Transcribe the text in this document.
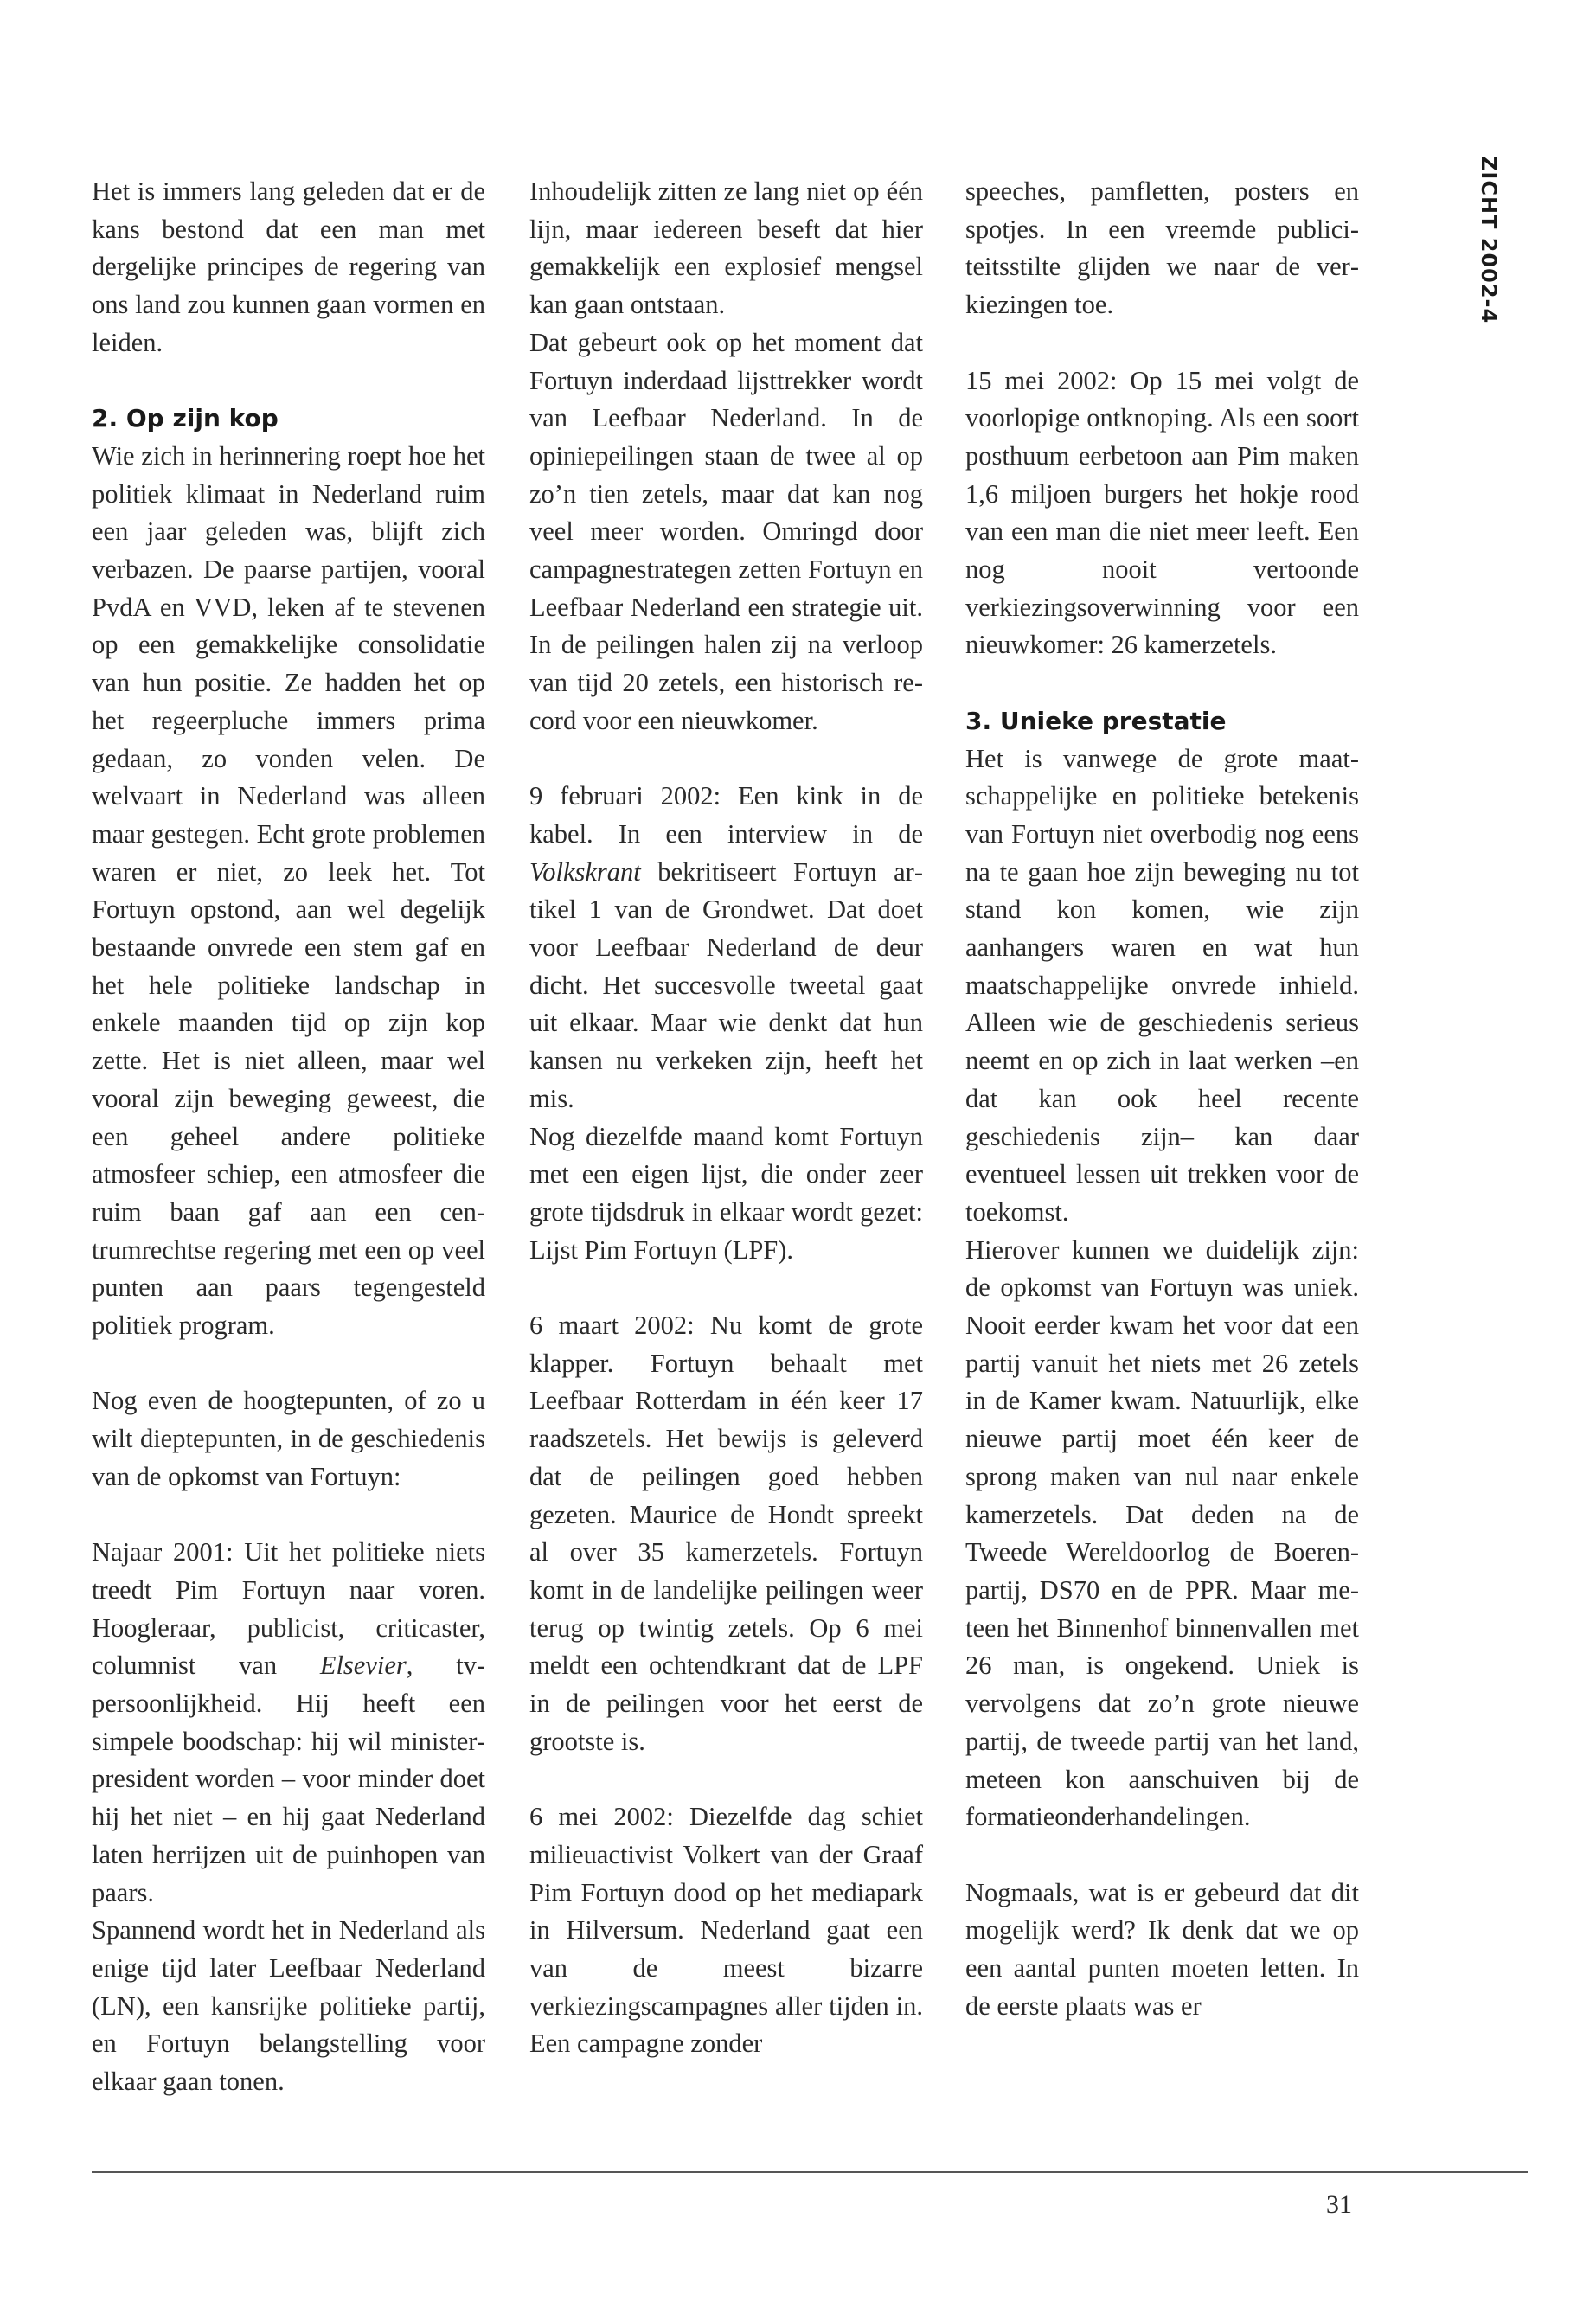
ZICHT 2002-4

Het is immers lang geleden dat er de kans bestond dat een man met dergelijke principes de regering van ons land zou kunnen gaan vormen en leiden.

2. Op zijn kop

Wie zich in herinnering roept hoe het politiek klimaat in Nederland ruim een jaar geleden was, blijft zich verbazen. De paarse partijen, vooral PvdA en VVD, leken af te stevenen op een gemakkelijke consolidatie van hun positie. Ze hadden het op het regeerpluche immers prima gedaan, zo vonden velen. De welvaart in Nederland was alleen maar gestegen. Echt grote problemen waren er niet, zo leek het. Tot Fortuyn opstond, aan wel degelijk bestaande onvrede een stem gaf en het hele politieke landschap in enkele maanden tijd op zijn kop zette. Het is niet alleen, maar wel vooral zijn beweging geweest, die een geheel andere politieke atmosfeer schiep, een atmosfeer die ruim baan gaf aan een centrumrechtse regering met een op veel punten aan paars tegengesteld politiek program.

Nog even de hoogtepunten, of zo u wilt dieptepunten, in de geschiedenis van de opkomst van Fortuyn:

Najaar 2001: Uit het politieke niets treedt Pim Fortuyn naar voren. Hoogleraar, publicist, criticaster, columnist van Elsevier, tv-persoonlijkheid. Hij heeft een simpele boodschap: hij wil minister-president worden – voor minder doet hij het niet – en hij gaat Nederland laten herrijzen uit de puinhopen van paars.

Spannend wordt het in Nederland als enige tijd later Leefbaar Nederland (LN), een kansrijke politieke partij, en Fortuyn belangstelling voor elkaar gaan tonen.

Inhoudelijk zitten ze lang niet op één lijn, maar iedereen beseft dat hier gemakkelijk een explosief mengsel kan gaan ontstaan.

Dat gebeurt ook op het moment dat Fortuyn inderdaad lijsttrekker wordt van Leefbaar Nederland. In de opiniepeilingen staan de twee al op zo’n tien zetels, maar dat kan nog veel meer worden. Omringd door campagnestrategen zetten Fortuyn en Leefbaar Nederland een strategie uit. In de peilingen halen zij na verloop van tijd 20 zetels, een historisch record voor een nieuwkomer.

9 februari 2002: Een kink in de kabel. In een interview in de Volkskrant bekritiseert Fortuyn artikel 1 van de Grondwet. Dat doet voor Leefbaar Nederland de deur dicht. Het succesvolle tweetal gaat uit elkaar. Maar wie denkt dat hun kansen nu verkeken zijn, heeft het mis.

Nog diezelfde maand komt Fortuyn met een eigen lijst, die onder zeer grote tijdsdruk in elkaar wordt gezet: Lijst Pim Fortuyn (LPF).

6 maart 2002: Nu komt de grote klapper. Fortuyn behaalt met Leefbaar Rotterdam in één keer 17 raadszetels. Het bewijs is geleverd dat de peilingen goed hebben gezeten. Maurice de Hondt spreekt al over 35 kamerzetels. Fortuyn komt in de landelijke peilingen weer terug op twintig zetels. Op 6 mei meldt een ochtendkrant dat de LPF in de peilingen voor het eerst de grootste is.

6 mei 2002: Diezelfde dag schiet milieuactivist Volkert van der Graaf Pim Fortuyn dood op het mediapark in Hilversum. Nederland gaat een van de meest bizarre verkiezingscampagnes aller tijden in. Een campagne zonder

speeches, pamfletten, posters en spotjes. In een vreemde publiciteitsstilte glijden we naar de verkiezingen toe.

15 mei 2002: Op 15 mei volgt de voorlopige ontknoping. Als een soort posthuum eerbetoon aan Pim maken 1,6 miljoen burgers het hokje rood van een man die niet meer leeft. Een nog nooit vertoonde verkiezingsoverwinning voor een nieuwkomer: 26 kamerzetels.

3. Unieke prestatie

Het is vanwege de grote maatschappelijke en politieke betekenis van Fortuyn niet overbodig nog eens na te gaan hoe zijn beweging nu tot stand kon komen, wie zijn aanhangers waren en wat hun maatschappelijke onvrede inhield. Alleen wie de geschiedenis serieus neemt en op zich in laat werken –en dat kan ook heel recente geschiedenis zijn– kan daar eventueel lessen uit trekken voor de toekomst.

Hierover kunnen we duidelijk zijn: de opkomst van Fortuyn was uniek. Nooit eerder kwam het voor dat een partij vanuit het niets met 26 zetels in de Kamer kwam. Natuurlijk, elke nieuwe partij moet één keer de sprong maken van nul naar enkele kamerzetels. Dat deden na de Tweede Wereldoorlog de Boerenpartij, DS70 en de PPR. Maar meteen het Binnenhof binnenvallen met 26 man, is ongekend. Uniek is vervolgens dat zo’n grote nieuwe partij, de tweede partij van het land, meteen kon aanschuiven bij de formatieonderhandelingen.

Nogmaals, wat is er gebeurd dat dit mogelijk werd? Ik denk dat we op een aantal punten moeten letten. In de eerste plaats was er

31
